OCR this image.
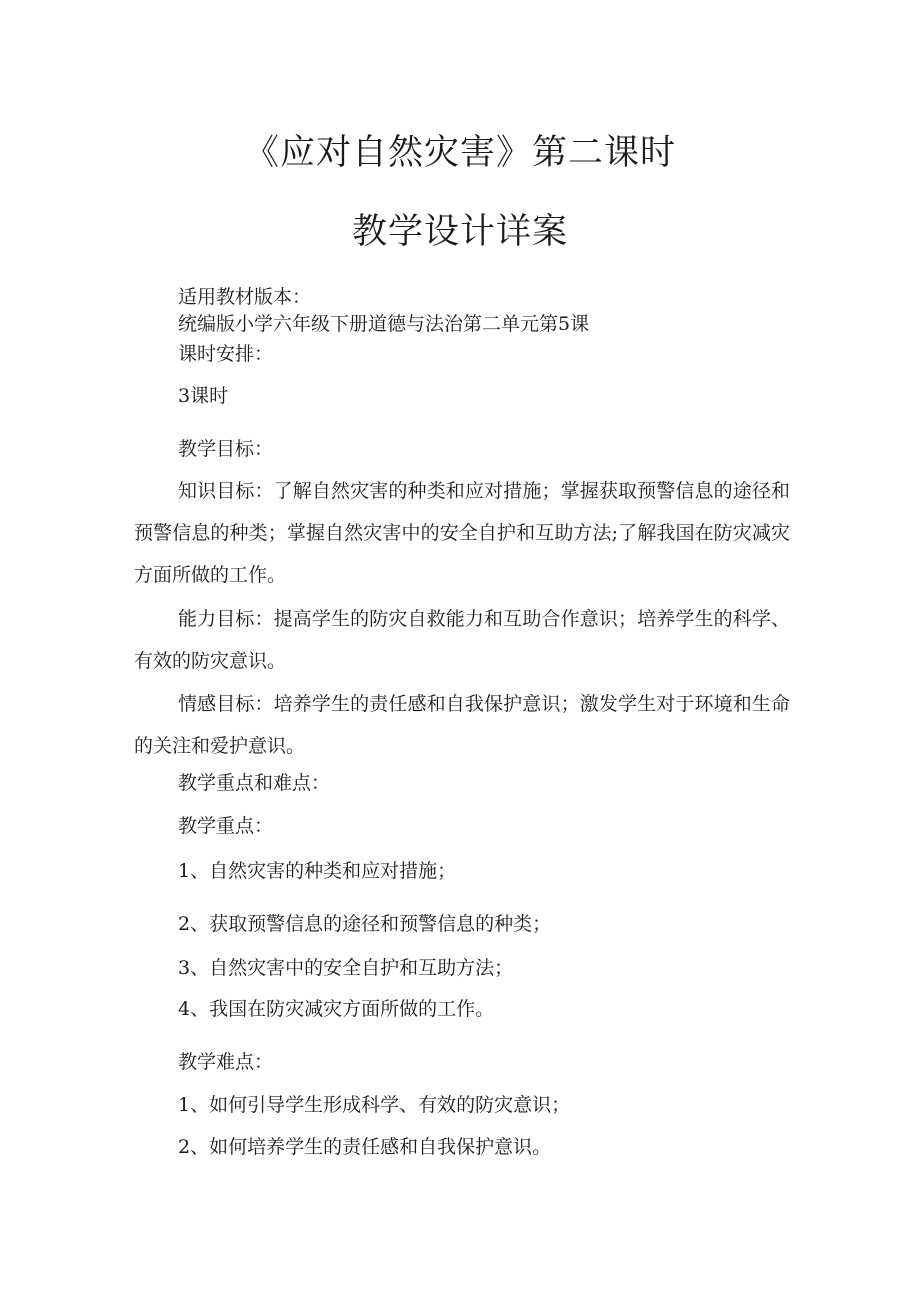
《应对自然灾害》第二课时
教学设计详案
适用教材版本：
统编版小学六年级下册道德与法治第二单元第5课
课时安排：
3课时
教学目标：
知识目标：了解自然灾害的种类和应对措施；掌握获取预警信息的途径和预警信息的种类；掌握自然灾害中的安全自护和互助方法;了解我国在防灾减灾方面所做的工作。
能力目标：提高学生的防灾自救能力和互助合作意识；培养学生的科学、有效的防灾意识。
情感目标：培养学生的责任感和自我保护意识；激发学生对于环境和生命的关注和爱护意识。
教学重点和难点：
教学重点：
1、自然灾害的种类和应对措施；
2、获取预警信息的途径和预警信息的种类；
3、自然灾害中的安全自护和互助方法；
4、我国在防灾减灾方面所做的工作。
教学难点：
1、如何引导学生形成科学、有效的防灾意识；
2、如何培养学生的责任感和自我保护意识。
